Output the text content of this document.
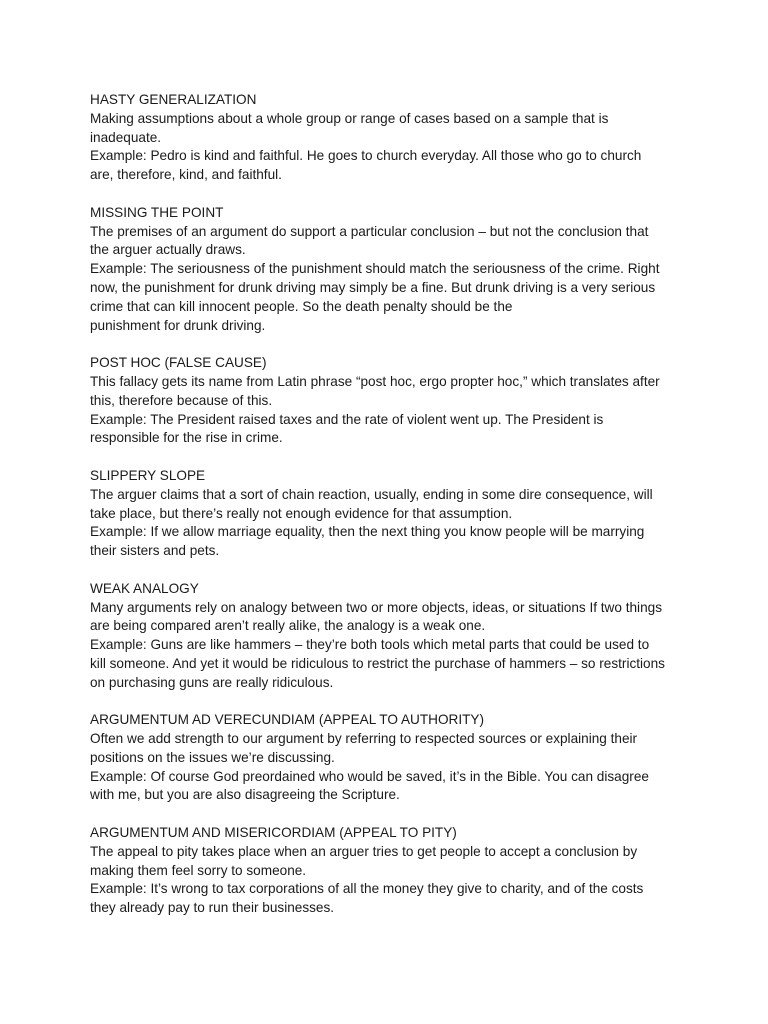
HASTY GENERALIZATION
Making assumptions about a whole group or range of cases based on a sample that is
inadequate.
Example: Pedro is kind and faithful. He goes to church everyday. All those who go to church
are, therefore, kind, and faithful.
MISSING THE POINT
The premises of an argument do support a particular conclusion – but not the conclusion that
the arguer actually draws.
Example: The seriousness of the punishment should match the seriousness of the crime. Right
now, the punishment for drunk driving may simply be a fine. But drunk driving is a very serious
crime that can kill innocent people. So the death penalty should be the
punishment for drunk driving.
POST HOC (FALSE CAUSE)
This fallacy gets its name from Latin phrase “post hoc, ergo propter hoc,” which translates after
this, therefore because of this.
Example: The President raised taxes and the rate of violent went up. The President is
responsible for the rise in crime.
SLIPPERY SLOPE
The arguer claims that a sort of chain reaction, usually, ending in some dire consequence, will
take place, but there’s really not enough evidence for that assumption.
Example: If we allow marriage equality, then the next thing you know people will be marrying
their sisters and pets.
WEAK ANALOGY
Many arguments rely on analogy between two or more objects, ideas, or situations If two things
are being compared aren’t really alike, the analogy is a weak one.
Example: Guns are like hammers – they’re both tools which metal parts that could be used to
kill someone. And yet it would be ridiculous to restrict the purchase of hammers – so restrictions
on purchasing guns are really ridiculous.
ARGUMENTUM AD VERECUNDIAM (APPEAL TO AUTHORITY)
Often we add strength to our argument by referring to respected sources or explaining their
positions on the issues we’re discussing.
Example: Of course God preordained who would be saved, it’s in the Bible. You can disagree
with me, but you are also disagreeing the Scripture.
ARGUMENTUM AND MISERICORDIAM (APPEAL TO PITY)
The appeal to pity takes place when an arguer tries to get people to accept a conclusion by
making them feel sorry to someone.
Example: It’s wrong to tax corporations of all the money they give to charity, and of the costs
they already pay to run their businesses.
